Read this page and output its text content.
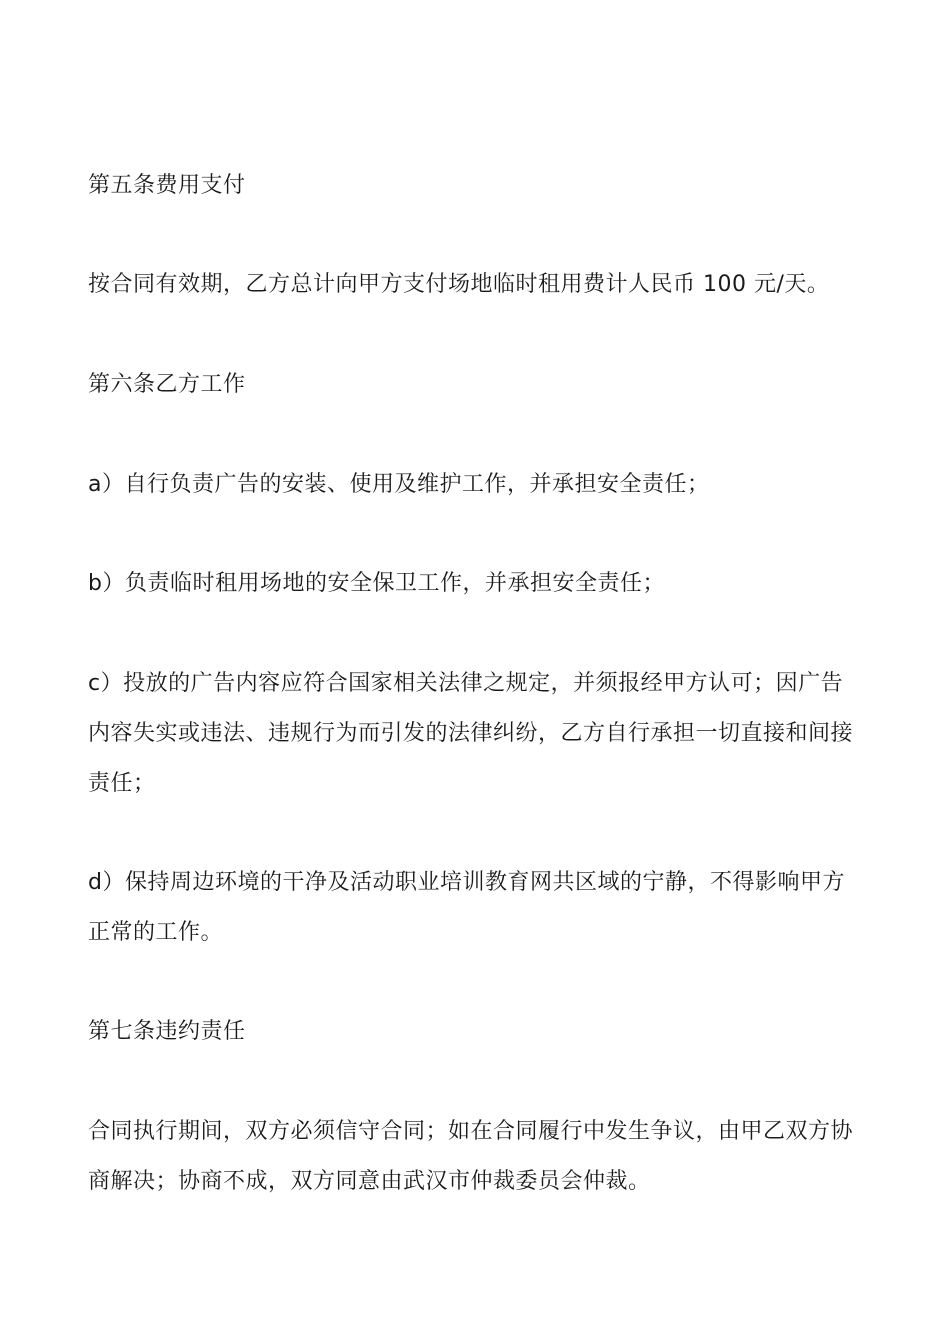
第五条费用支付

按合同有效期，乙方总计向甲方支付场地临时租用费计人民币 100 元/天。

第六条乙方工作

a）自行负责广告的安装、使用及维护工作，并承担安全责任；

b）负责临时租用场地的安全保卫工作，并承担安全责任；

c）投放的广告内容应符合国家相关法律之规定，并须报经甲方认可；因广告内容失实或违法、违规行为而引发的法律纠纷，乙方自行承担一切直接和间接责任；

d）保持周边环境的干净及活动职业培训教育网共区域的宁静，不得影响甲方正常的工作。

第七条违约责任

合同执行期间，双方必须信守合同；如在合同履行中发生争议，由甲乙双方协商解决；协商不成，双方同意由武汉市仲裁委员会仲裁。
